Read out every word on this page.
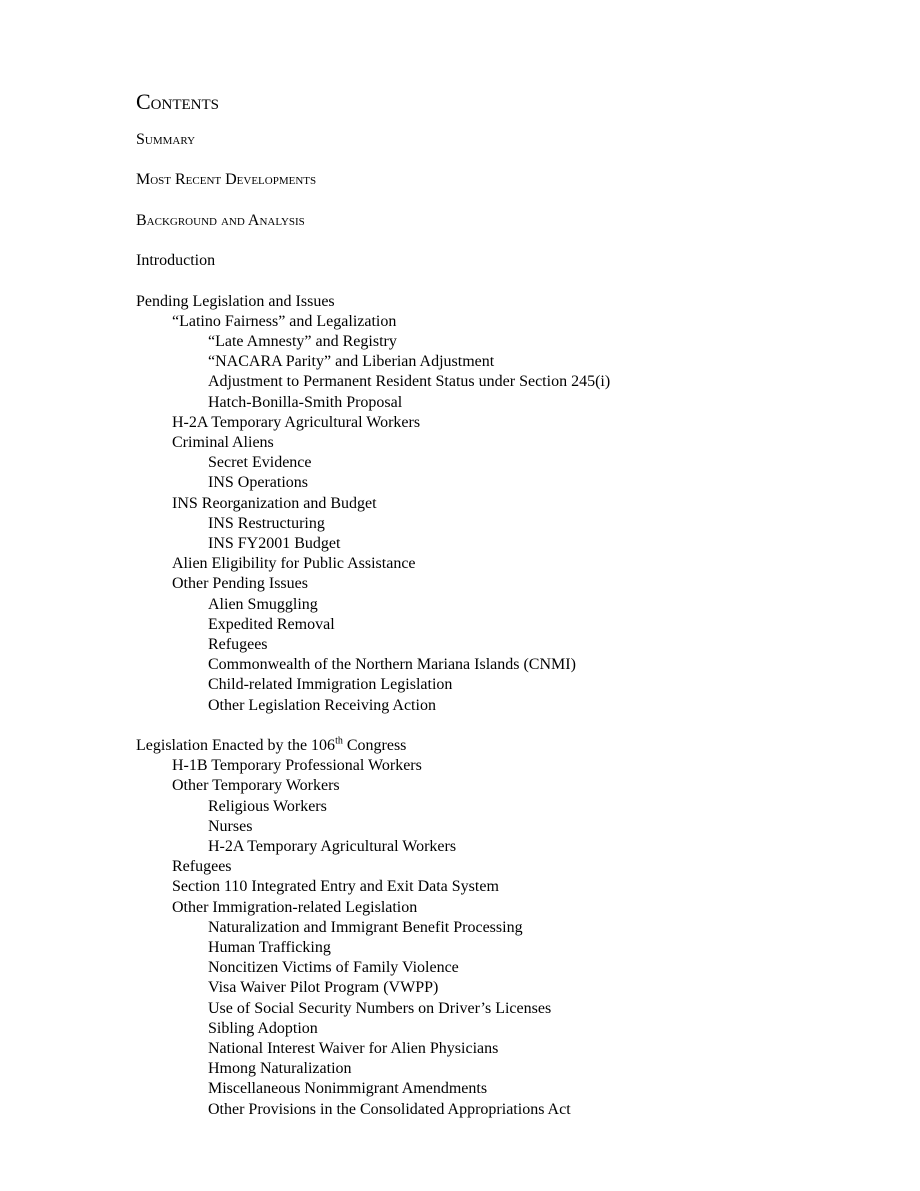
Contents
Summary
Most Recent Developments
Background and Analysis
Introduction
Pending Legislation and Issues
“Latino Fairness” and Legalization
“Late Amnesty” and Registry
“NACARA Parity” and Liberian Adjustment
Adjustment to Permanent Resident Status under Section 245(i)
Hatch-Bonilla-Smith Proposal
H-2A Temporary Agricultural Workers
Criminal Aliens
Secret Evidence
INS Operations
INS Reorganization and Budget
INS Restructuring
INS FY2001 Budget
Alien Eligibility for Public Assistance
Other Pending Issues
Alien Smuggling
Expedited Removal
Refugees
Commonwealth of the Northern Mariana Islands (CNMI)
Child-related Immigration Legislation
Other Legislation Receiving Action
Legislation Enacted by the 106th Congress
H-1B Temporary Professional Workers
Other Temporary Workers
Religious Workers
Nurses
H-2A Temporary Agricultural Workers
Refugees
Section 110 Integrated Entry and Exit Data System
Other Immigration-related Legislation
Naturalization and Immigrant Benefit Processing
Human Trafficking
Noncitizen Victims of Family Violence
Visa Waiver Pilot Program (VWPP)
Use of Social Security Numbers on Driver’s Licenses
Sibling Adoption
National Interest Waiver for Alien Physicians
Hmong Naturalization
Miscellaneous Nonimmigrant Amendments
Other Provisions in the Consolidated Appropriations Act
